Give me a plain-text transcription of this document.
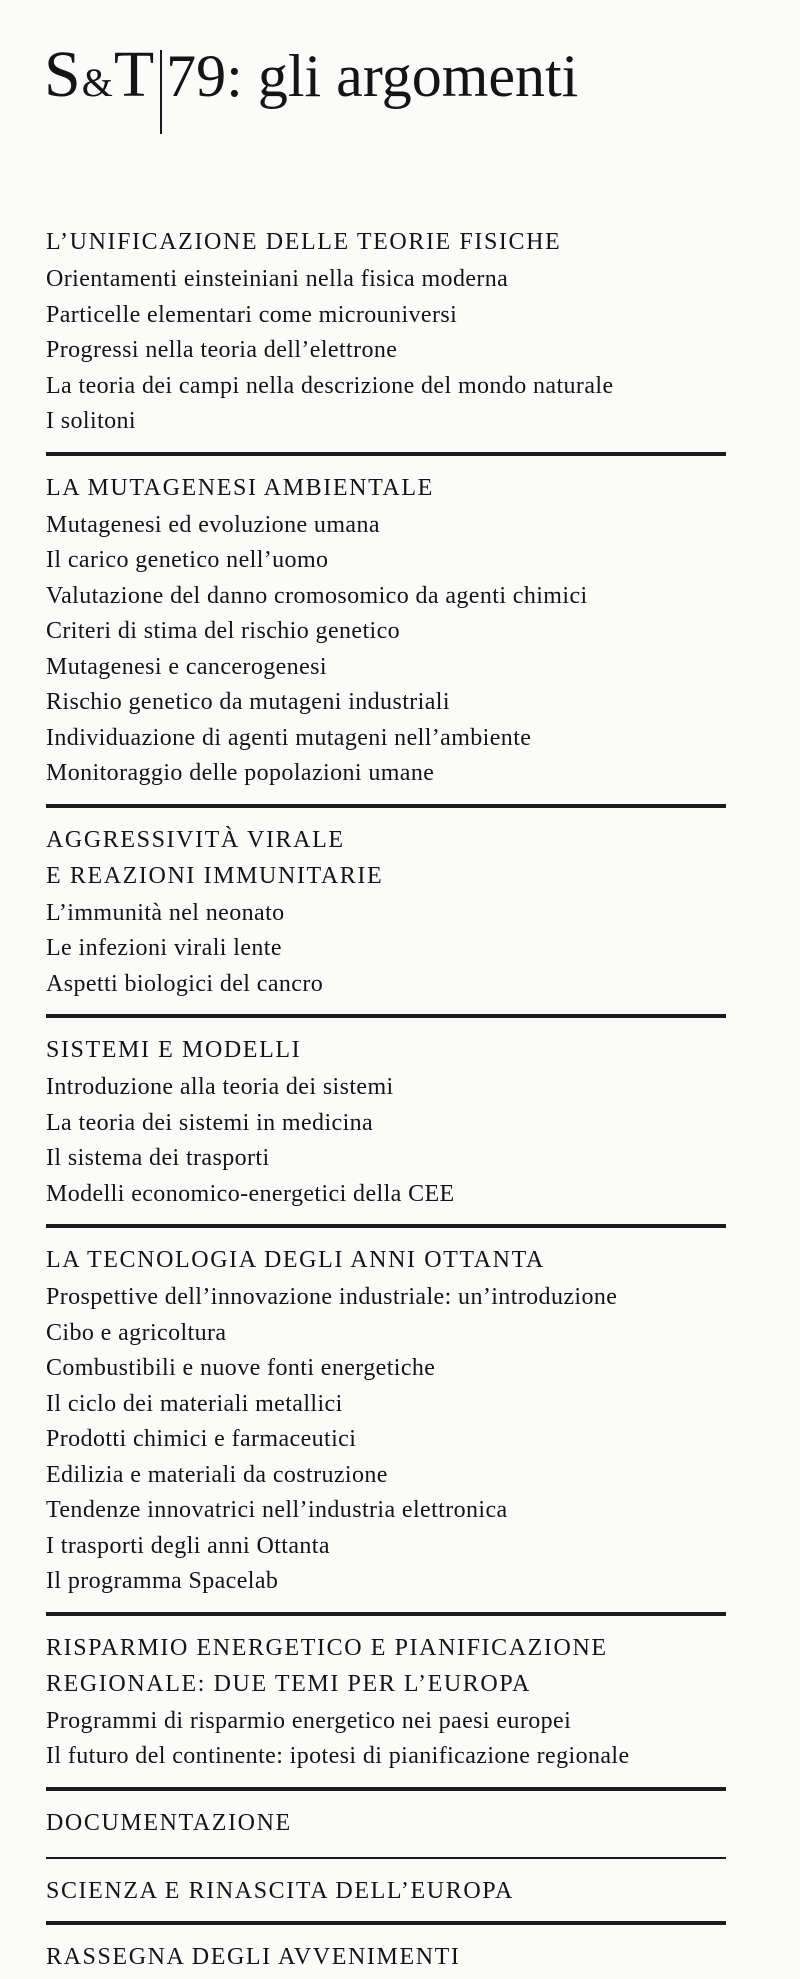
S & T 79 : gli argomenti
L’UNIFICAZIONE DELLE TEORIE FISICHE
Orientamenti einsteiniani nella fisica moderna
Particelle elementari come microuniversi
Progressi nella teoria dell’elettrone
La teoria dei campi nella descrizione del mondo naturale
I solitoni
LA MUTAGENESI AMBIENTALE
Mutagenesi ed evoluzione umana
Il carico genetico nell’uomo
Valutazione del danno cromosomico da agenti chimici
Criteri di stima del rischio genetico
Mutagenesi e cancerogenesi
Rischio genetico da mutageni industriali
Individuazione di agenti mutageni nell’ambiente
Monitoraggio delle popolazioni umane
AGGRESSIVITÀ VIRALE
E REAZIONI IMMUNITARIE
L’immunità nel neonato
Le infezioni virali lente
Aspetti biologici del cancro
SISTEMI E MODELLI
Introduzione alla teoria dei sistemi
La teoria dei sistemi in medicina
Il sistema dei trasporti
Modelli economico-energetici della CEE
LA TECNOLOGIA DEGLI ANNI OTTANTA
Prospettive dell’innovazione industriale: un’introduzione
Cibo e agricoltura
Combustibili e nuove fonti energetiche
Il ciclo dei materiali metallici
Prodotti chimici e farmaceutici
Edilizia e materiali da costruzione
Tendenze innovatrici nell’industria elettronica
I trasporti degli anni Ottanta
Il programma Spacelab
RISPARMIO ENERGETICO E PIANIFICAZIONE
REGIONALE: DUE TEMI PER L’EUROPA
Programmi di risparmio energetico nei paesi europei
Il futuro del continente: ipotesi di pianificazione regionale
DOCUMENTAZIONE
SCIENZA E RINASCITA DELL’EUROPA
RASSEGNA DEGLI AVVENIMENTI
